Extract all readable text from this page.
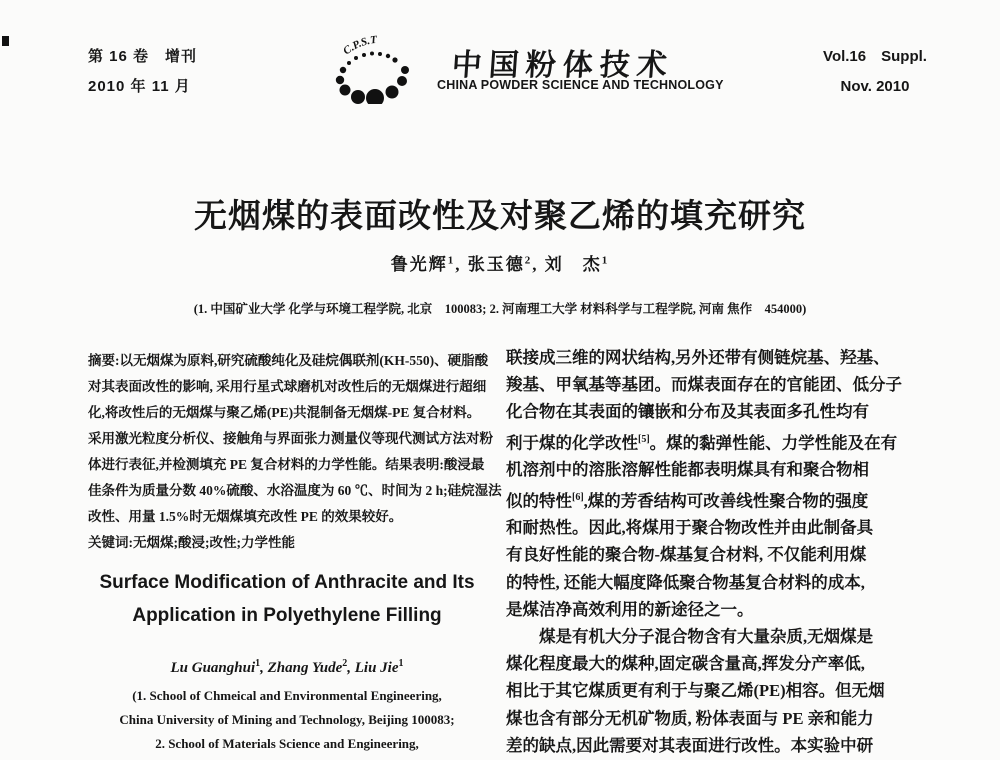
第 16 卷　增刊
2010 年 11 月
C.P.S.T
中国粉体技术
CHINA POWDER SCIENCE AND TECHNOLOGY
Vol.16　Suppl.
Nov. 2010
无烟煤的表面改性及对聚乙烯的填充研究
鲁光辉$^1$, 张玉德$^2$, 刘　杰$^1$
(1. 中国矿业大学 化学与环境工程学院, 北京　100083; 2. 河南理工大学 材料科学与工程学院, 河南 焦作　454000)
摘要:以无烟煤为原料,研究硫酸纯化及硅烷偶联剂(KH-550)、硬脂酸
对其表面改性的影响, 采用行星式球磨机对改性后的无烟煤进行超细
化,将改性后的无烟煤与聚乙烯(PE)共混制备无烟煤-PE 复合材料。
采用激光粒度分析仪、接触角与界面张力测量仪等现代测试方法对粉
体进行表征,并检测填充 PE 复合材料的力学性能。结果表明:酸浸最
佳条件为质量分数 40%硫酸、水浴温度为 60 ℃、时间为 2 h;硅烷湿法
改性、用量 1.5%时无烟煤填充改性 PE 的效果较好。
关键词:无烟煤;酸浸;改性;力学性能
Surface Modification of Anthracite and Its
Application in Polyethylene Filling
Lu Guanghui$^1$, Zhang Yude$^2$, Liu Jie$^1$
(1. School of Chmeical and Environmental Engineering,
China University of Mining and Technology, Beijing 100083;
2. School of Materials Science and Engineering,
联接成三维的网状结构,另外还带有侧链烷基、羟基、
羧基、甲氧基等基团。而煤表面存在的官能团、低分子
化合物在其表面的镶嵌和分布及其表面多孔性均有
利于煤的化学改性[5]。煤的黏弹性能、力学性能及在有
机溶剂中的溶胀溶解性能都表明煤具有和聚合物相
似的特性[6],煤的芳香结构可改善线性聚合物的强度
和耐热性。因此,将煤用于聚合物改性并由此制备具
有良好性能的聚合物-煤基复合材料, 不仅能利用煤
的特性, 还能大幅度降低聚合物基复合材料的成本,
是煤洁净高效利用的新途径之一。
煤是有机大分子混合物含有大量杂质,无烟煤是
煤化程度最大的煤种,固定碳含量高,挥发分产率低,
相比于其它煤质更有利于与聚乙烯(PE)相容。但无烟
煤也含有部分无机矿物质, 粉体表面与 PE 亲和能力
差的缺点,因此需要对其表面进行改性。本实验中研
